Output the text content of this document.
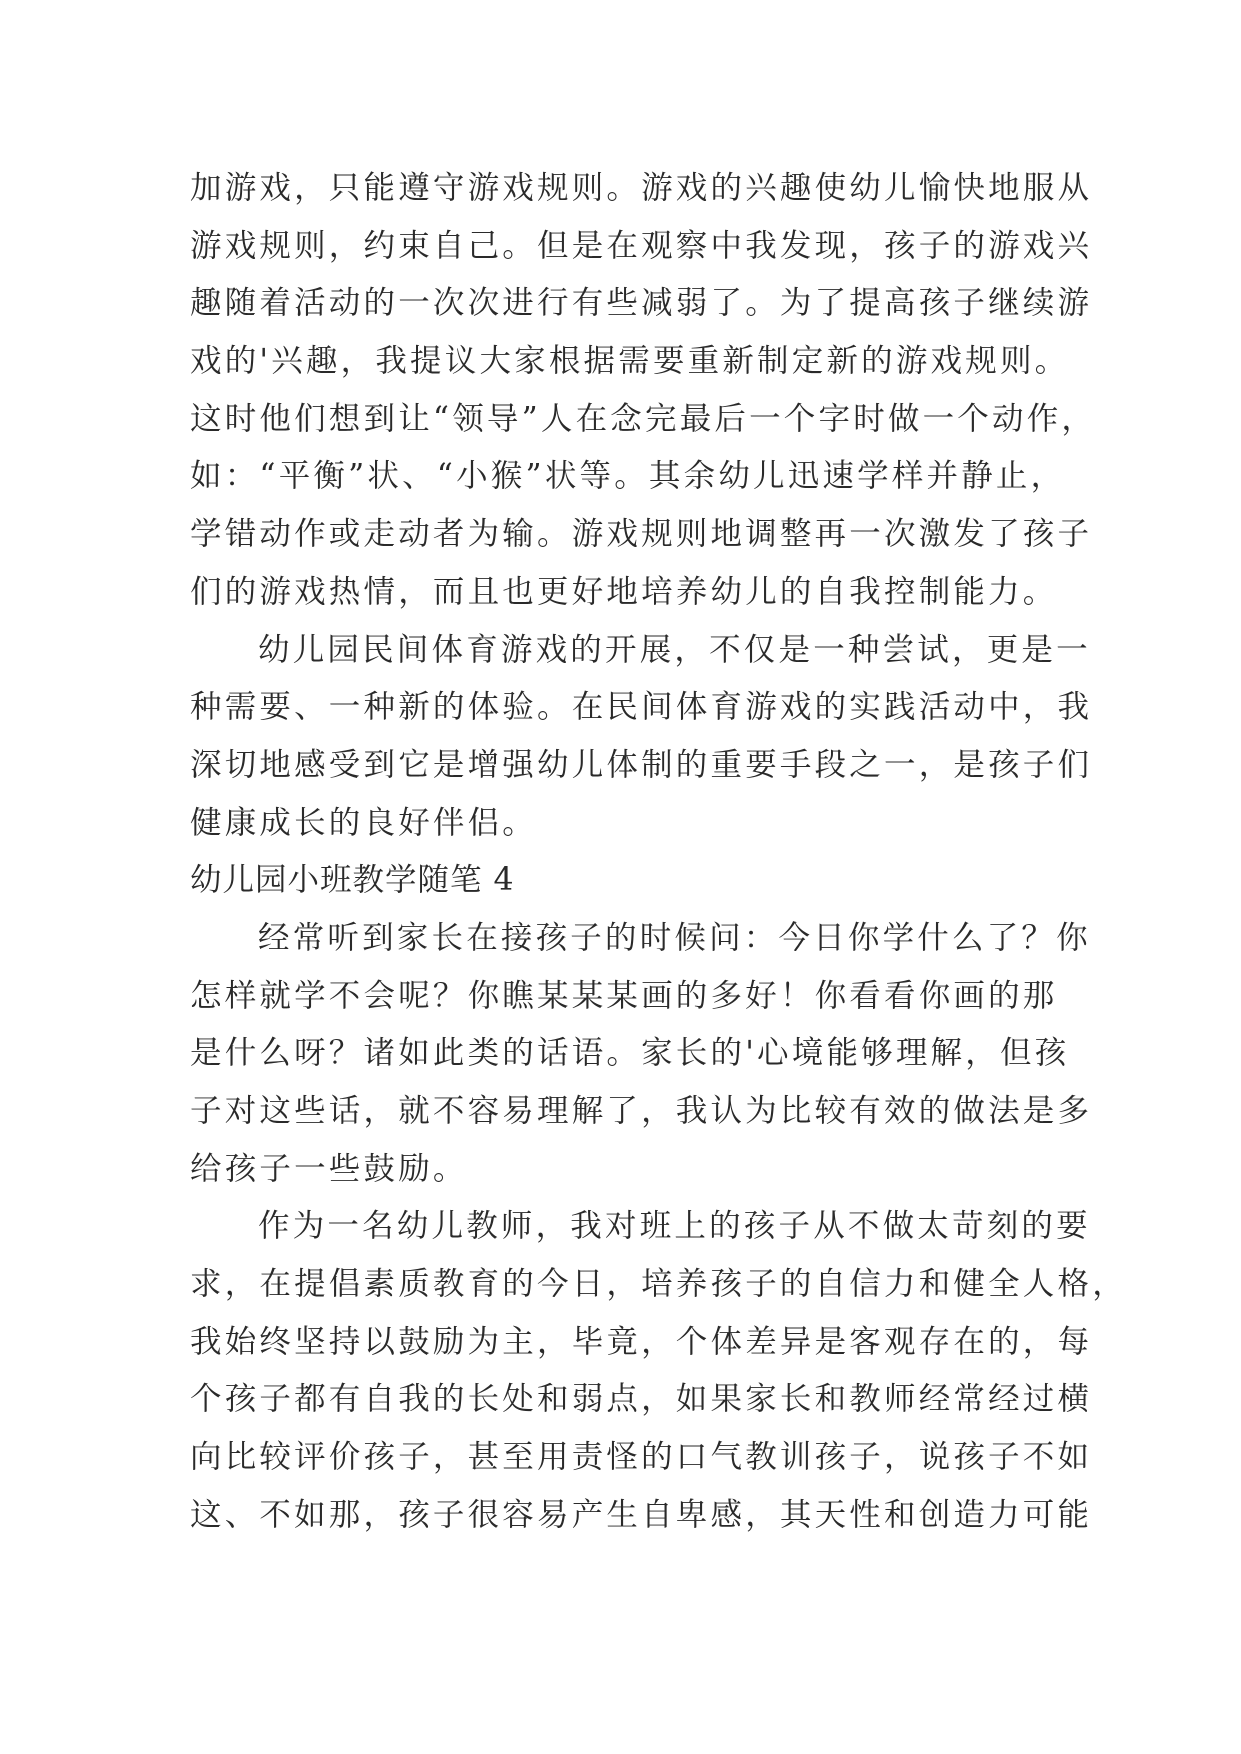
加游戏，只能遵守游戏规则。游戏的兴趣使幼儿愉快地服从
游戏规则，约束自己。但是在观察中我发现，孩子的游戏兴
趣随着活动的一次次进行有些减弱了。为了提高孩子继续游
戏的'兴趣，我提议大家根据需要重新制定新的游戏规则。
这时他们想到让“领导”人在念完最后一个字时做一个动作，
如：“平衡”状、“小猴”状等。其余幼儿迅速学样并静止，
学错动作或走动者为输。游戏规则地调整再一次激发了孩子
们的游戏热情，而且也更好地培养幼儿的自我控制能力。
幼儿园民间体育游戏的开展，不仅是一种尝试，更是一
种需要、一种新的体验。在民间体育游戏的实践活动中，我
深切地感受到它是增强幼儿体制的重要手段之一，是孩子们
健康成长的良好伴侣。
幼儿园小班教学随笔 4
经常听到家长在接孩子的时候问：今日你学什么了？你
怎样就学不会呢？你瞧某某某画的多好！你看看你画的那
是什么呀？诸如此类的话语。家长的'心境能够理解，但孩
子对这些话，就不容易理解了，我认为比较有效的做法是多
给孩子一些鼓励。
作为一名幼儿教师，我对班上的孩子从不做太苛刻的要
求，在提倡素质教育的今日，培养孩子的自信力和健全人格，
我始终坚持以鼓励为主，毕竟，个体差异是客观存在的，每
个孩子都有自我的长处和弱点，如果家长和教师经常经过横
向比较评价孩子，甚至用责怪的口气教训孩子，说孩子不如
这、不如那，孩子很容易产生自卑感，其天性和创造力可能
